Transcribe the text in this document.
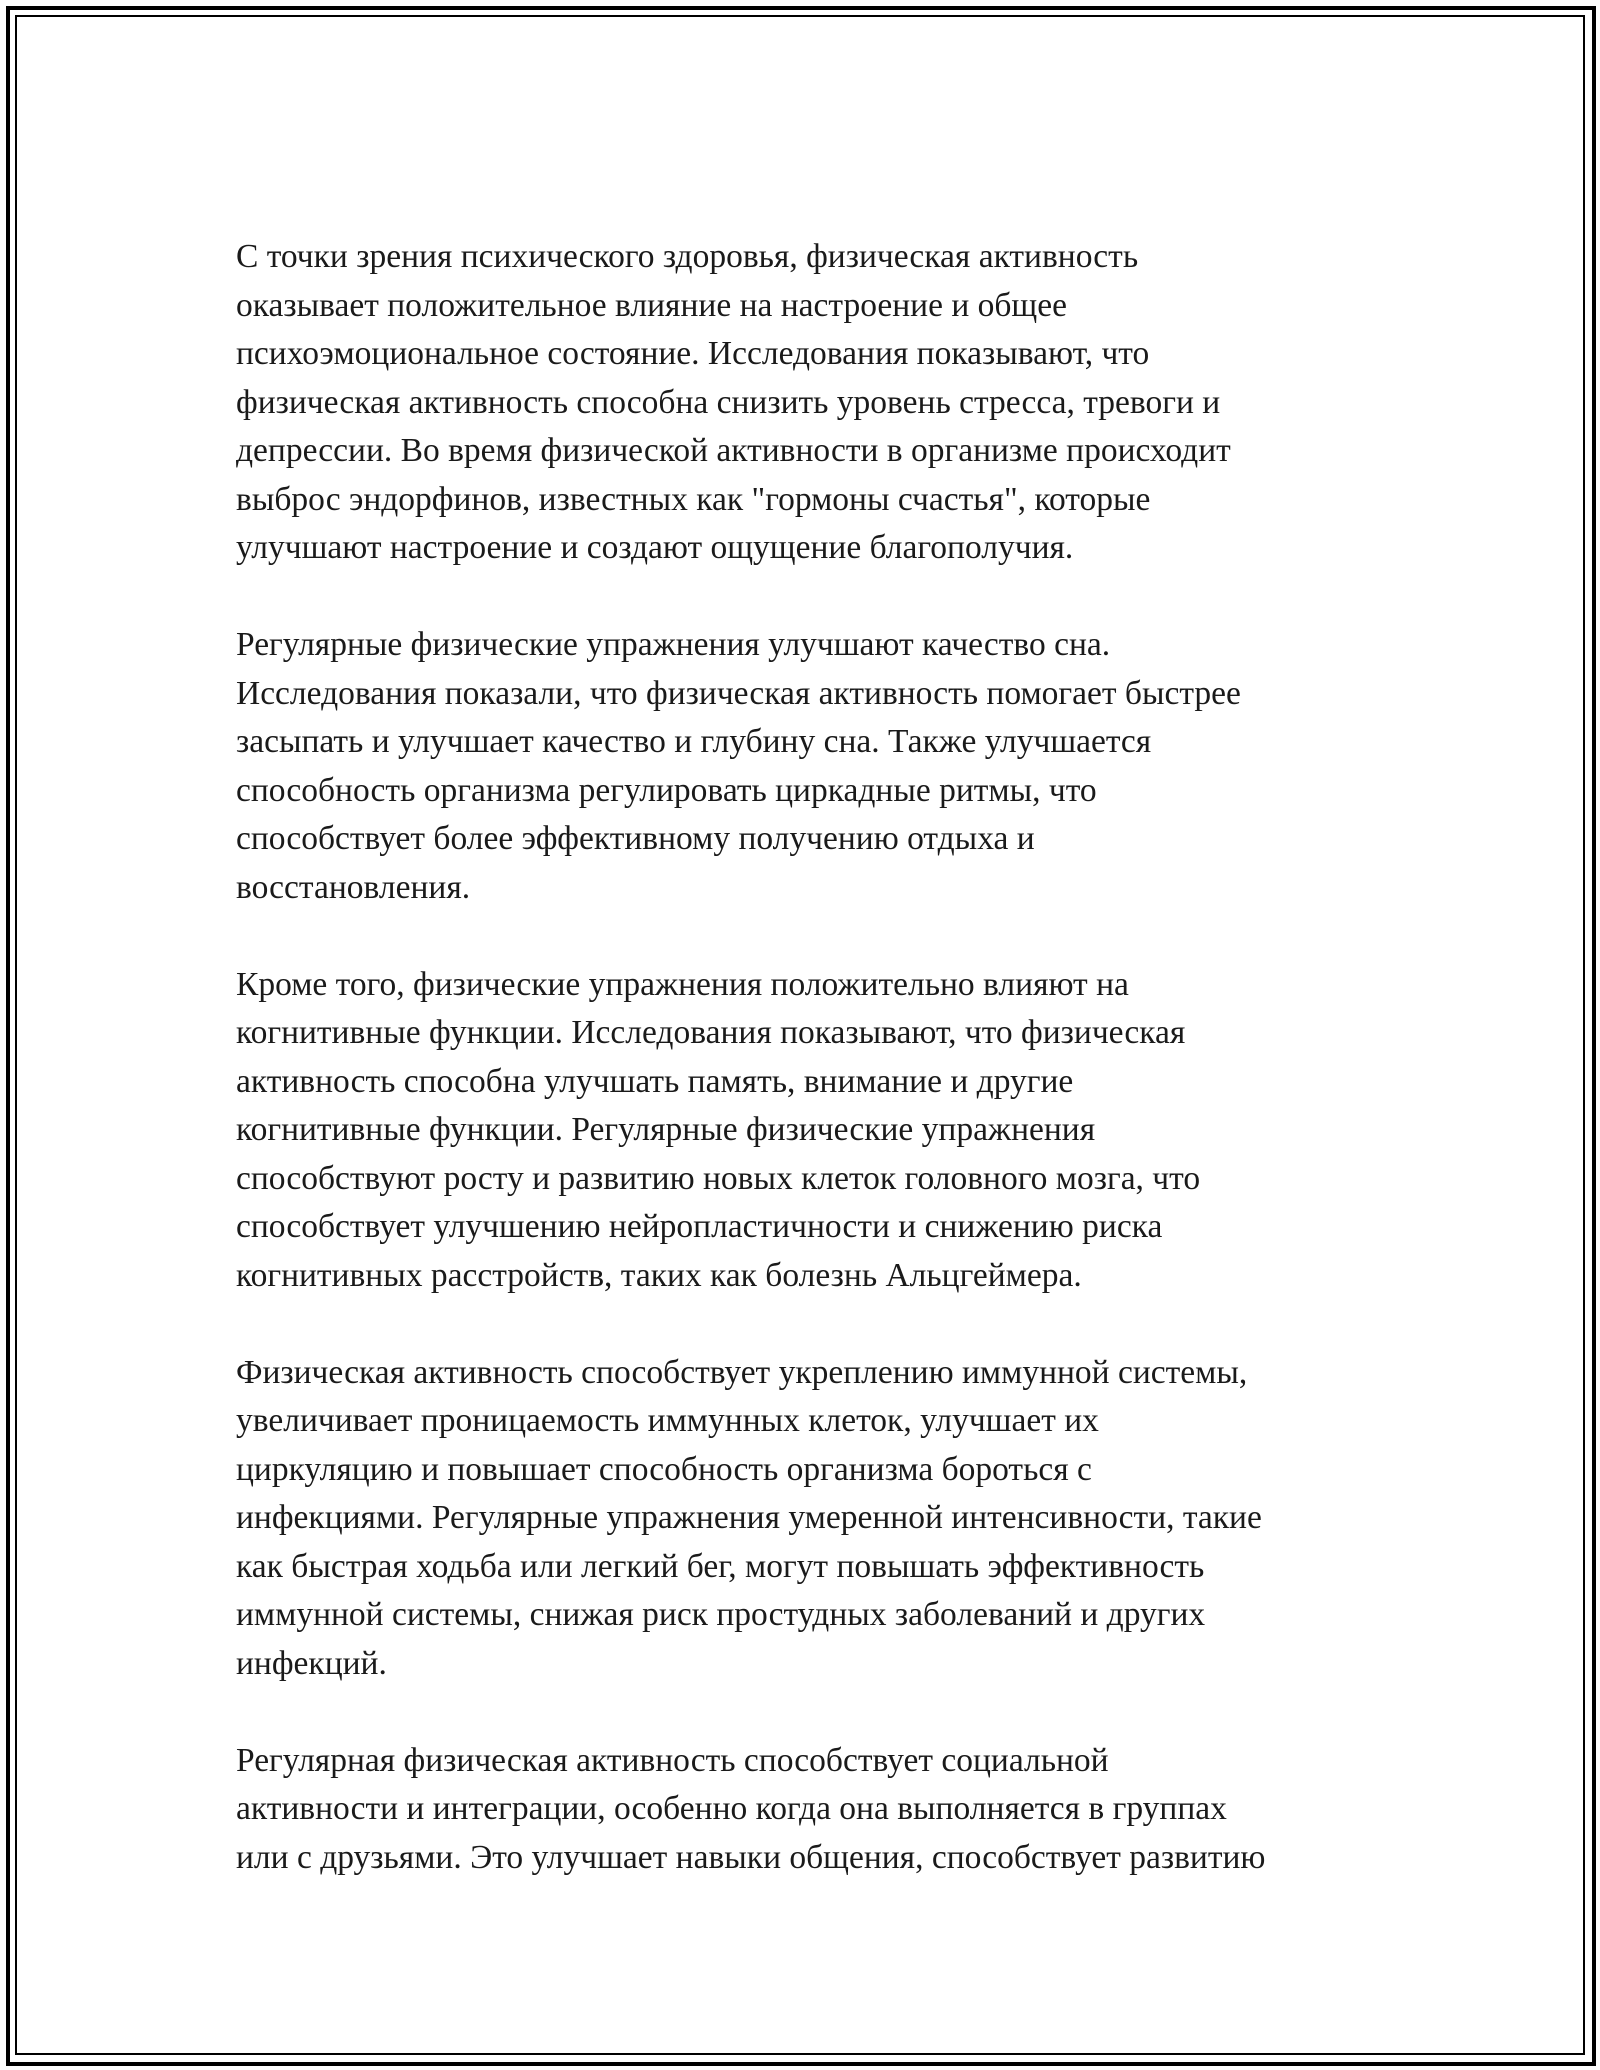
С точки зрения психического здоровья, физическая активность
оказывает положительное влияние на настроение и общее
психоэмоциональное состояние. Исследования показывают, что
физическая активность способна снизить уровень стресса, тревоги и
депрессии. Во время физической активности в организме происходит
выброс эндорфинов, известных как "гормоны счастья", которые
улучшают настроение и создают ощущение благополучия.

Регулярные физические упражнения улучшают качество сна.
Исследования показали, что физическая активность помогает быстрее
засыпать и улучшает качество и глубину сна. Также улучшается
способность организма регулировать циркадные ритмы, что
способствует более эффективному получению отдыха и
восстановления.

Кроме того, физические упражнения положительно влияют на
когнитивные функции. Исследования показывают, что физическая
активность способна улучшать память, внимание и другие
когнитивные функции. Регулярные физические упражнения
способствуют росту и развитию новых клеток головного мозга, что
способствует улучшению нейропластичности и снижению риска
когнитивных расстройств, таких как болезнь Альцгеймера.

Физическая активность способствует укреплению иммунной системы,
увеличивает проницаемость иммунных клеток, улучшает их
циркуляцию и повышает способность организма бороться с
инфекциями. Регулярные упражнения умеренной интенсивности, такие
как быстрая ходьба или легкий бег, могут повышать эффективность
иммунной системы, снижая риск простудных заболеваний и других
инфекций.

Регулярная физическая активность способствует социальной
активности и интеграции, особенно когда она выполняется в группах
или с друзьями. Это улучшает навыки общения, способствует развитию
